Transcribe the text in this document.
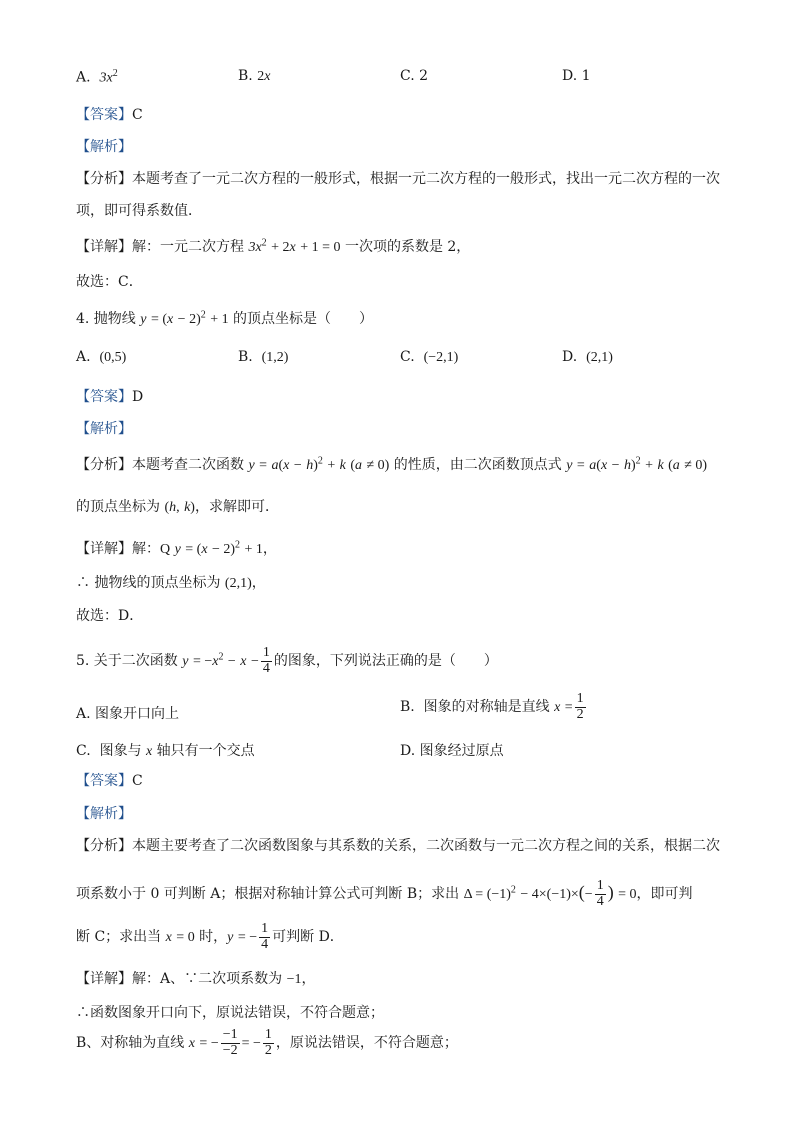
A.  $3x^2$	B. 2x	C. 2	D. 1
【答案】C
【解析】
【分析】本题考查了一元二次方程的一般形式，根据一元二次方程的一般形式，找出一元二次方程的一次
项，即可得系数值．
【详解】解：一元二次方程 $3x^2 + 2x + 1 = 0$ 一次项的系数是 2，
故选：C．
4. 抛物线 $y = (x - 2)^2 + 1$ 的顶点坐标是（　　）
A.  (0,5)	B.  (1,2)	C.  (−2,1)	D.  (2,1)
【答案】D
【解析】
【分析】本题考查二次函数 $y = a(x - h)^2 + k$ (a ≠ 0) 的性质，由二次函数顶点式 $y = a(x - h)^2 + k$ (a ≠ 0)
的顶点坐标为 (h, k)，求解即可．
【详解】解：Q $y = (x - 2)^2 + 1$，
∴ 抛物线的顶点坐标为 (2,1)，
故选：D．
5. 关于二次函数 $y = -x^2 - x - \frac{1}{4}$ 的图象，下列说法正确的是（　　）
A. 图象开口向上	B.  图象的对称轴是直线 $x = \frac{1}{2}$
C.  图象与 x 轴只有一个交点	D. 图象经过原点
【答案】C
【解析】
【分析】本题主要考查了二次函数图象与其系数的关系，二次函数与一元二次方程之间的关系，根据二次
项系数小于 0 可判断 A；根据对称轴计算公式可判断 B；求出 $\Delta = (-1)^2 - 4\times(-1)\times(- \frac{1}{4}$ ) = 0，即可判
断 C；求出当 x = 0 时，y = − $\frac{1}{4}$ 可判断 D．
【详解】解：A、∵二次项系数为 −1，
∴函数图象开口向下，原说法错误，不符合题意；
B、对称轴为直线 x = − $\frac{-1}{-2}$ = − $\frac{1}{2}$ ，原说法错误，不符合题意；
